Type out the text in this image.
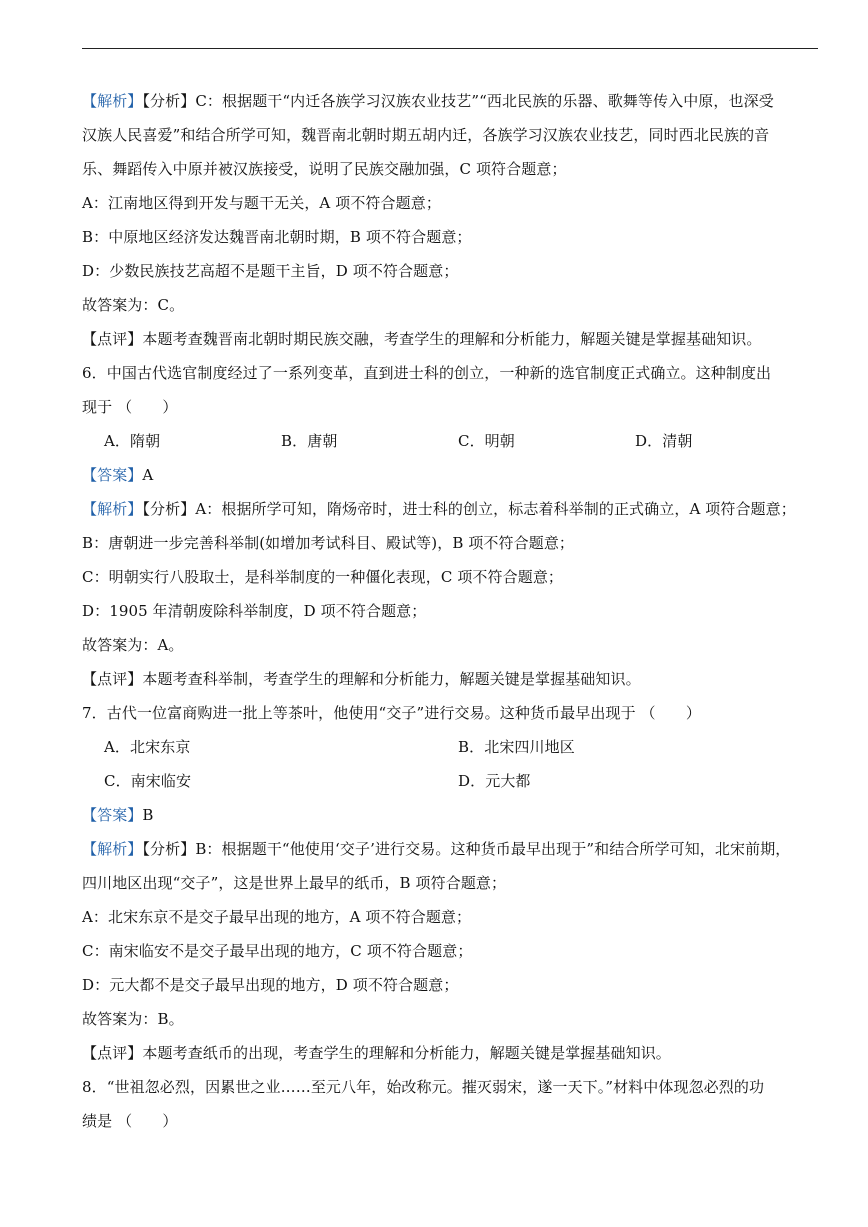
【解析】【分析】C：根据题干“内迁各族学习汉族农业技艺”“西北民族的乐器、歌舞等传入中原，也深受
汉族人民喜爱”和结合所学可知，魏晋南北朝时期五胡内迁，各族学习汉族农业技艺，同时西北民族的音
乐、舞蹈传入中原并被汉族接受，说明了民族交融加强，C 项符合题意；
A：江南地区得到开发与题干无关，A 项不符合题意；
B：中原地区经济发达魏晋南北朝时期，B 项不符合题意；
D：少数民族技艺高超不是题干主旨，D 项不符合题意；
故答案为：C。
【点评】本题考查魏晋南北朝时期民族交融，考查学生的理解和分析能力，解题关键是掌握基础知识。
6．中国古代选官制度经过了一系列变革，直到进士科的创立，一种新的选官制度正式确立。这种制度出
现于 （　　）
A．隋朝	B．唐朝	C．明朝	D．清朝
【答案】A
【解析】【分析】A：根据所学可知，隋炀帝时，进士科的创立，标志着科举制的正式确立，A 项符合题意；
B：唐朝进一步完善科举制(如增加考试科目、殿试等)，B 项不符合题意；
C：明朝实行八股取士，是科举制度的一种僵化表现，C 项不符合题意；
D：1905 年清朝废除科举制度，D 项不符合题意；
故答案为：A。
【点评】本题考查科举制，考查学生的理解和分析能力，解题关键是掌握基础知识。
7．古代一位富商购进一批上等茶叶，他使用“交子”进行交易。这种货币最早出现于 （　　）
A．北宋东京	B．北宋四川地区
C．南宋临安	D．元大都
【答案】B
【解析】【分析】B：根据题干“他使用‘交子’进行交易。这种货币最早出现于”和结合所学可知，北宋前期，
四川地区出现“交子”，这是世界上最早的纸币，B 项符合题意；
A：北宋东京不是交子最早出现的地方，A 项不符合题意；
C：南宋临安不是交子最早出现的地方，C 项不符合题意；
D：元大都不是交子最早出现的地方，D 项不符合题意；
故答案为：B。
【点评】本题考查纸币的出现，考查学生的理解和分析能力，解题关键是掌握基础知识。
8．“世祖忽必烈，因累世之业……至元八年，始改称元。摧灭弱宋，遂一天下。”材料中体现忽必烈的功
绩是 （　　）
